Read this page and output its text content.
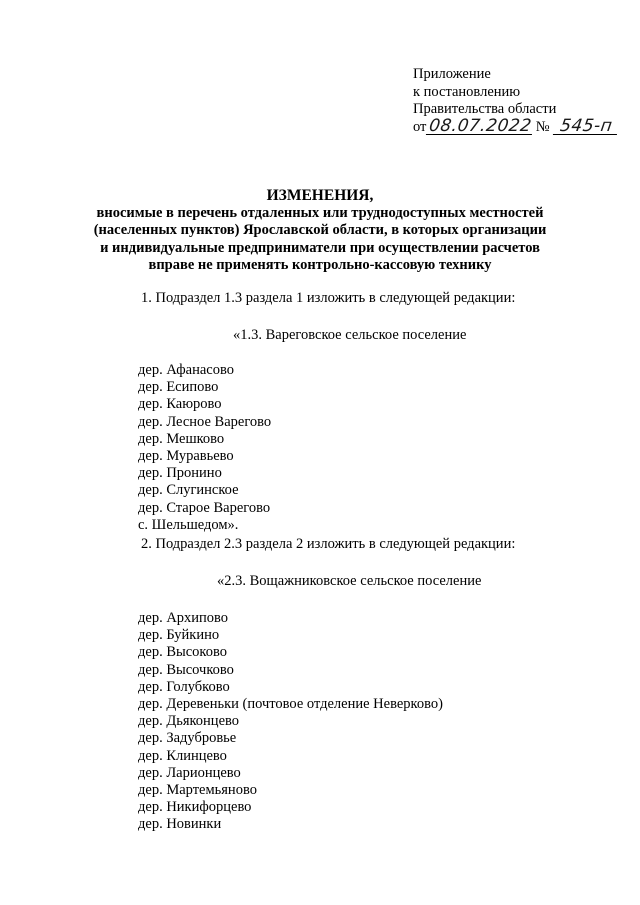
Приложение
к постановлению
Правительства области
от 08.07.2022 № 545-п
ИЗМЕНЕНИЯ,
вносимые в перечень отдаленных или труднодоступных местностей
(населенных пунктов) Ярославской области, в которых организации
и индивидуальные предприниматели при осуществлении расчетов
вправе не применять контрольно-кассовую технику
1. Подраздел 1.3 раздела 1 изложить в следующей редакции:
«1.3. Вареговское сельское поселение
дер. Афанасово
дер. Есипово
дер. Каюрово
дер. Лесное Варегово
дер. Мешково
дер. Муравьево
дер. Пронино
дер. Слугинское
дер. Старое Варегово
с. Шельшедом».
2. Подраздел 2.3 раздела 2 изложить в следующей редакции:
«2.3. Вощажниковское сельское поселение
дер. Архипово
дер. Буйкино
дер. Высоково
дер. Высочково
дер. Голубково
дер. Деревеньки (почтовое отделение Неверково)
дер. Дьяконцево
дер. Задубровье
дер. Клинцево
дер. Ларионцево
дер. Мартемьяново
дер. Никифорцево
дер. Новинки
